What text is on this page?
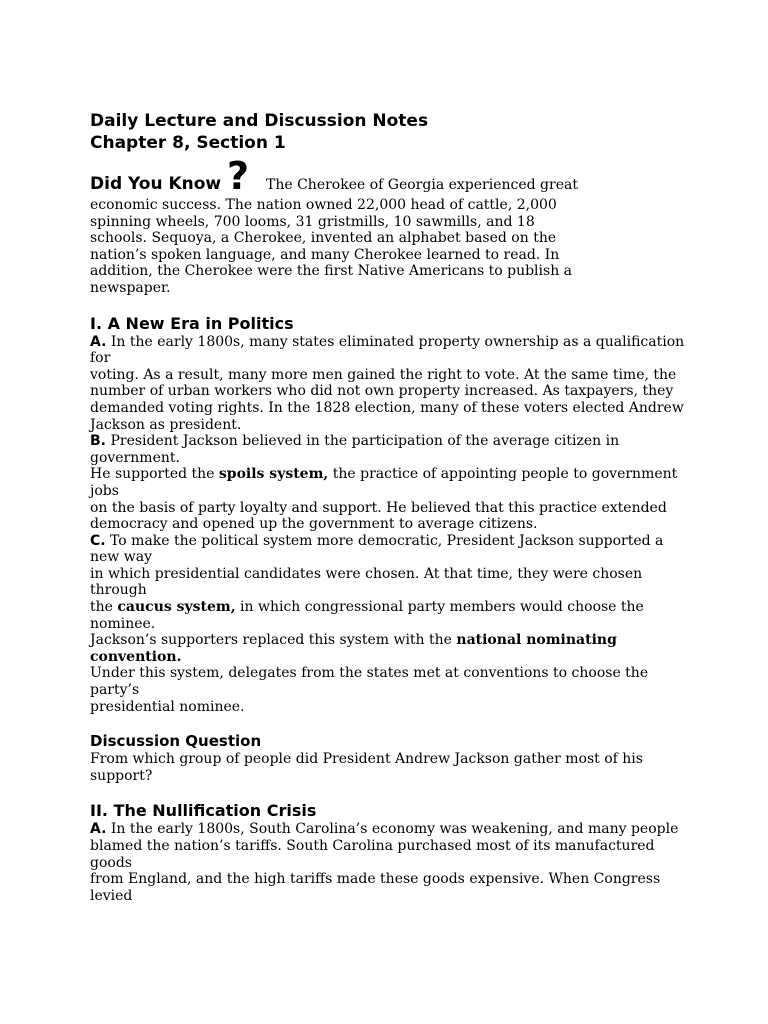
Daily Lecture and Discussion Notes
Chapter 8, Section 1
Did You Know ? The Cherokee of Georgia experienced great
economic success. The nation owned 22,000 head of cattle, 2,000
spinning wheels, 700 looms, 31 gristmills, 10 sawmills, and 18
schools. Sequoya, a Cherokee, invented an alphabet based on the
nation’s spoken language, and many Cherokee learned to read. In
addition, the Cherokee were the first Native Americans to publish a
newspaper.
I. A New Era in Politics
A. In the early 1800s, many states eliminated property ownership as a qualification
for
voting. As a result, many more men gained the right to vote. At the same time, the
number of urban workers who did not own property increased. As taxpayers, they
demanded voting rights. In the 1828 election, many of these voters elected Andrew
Jackson as president.
B. President Jackson believed in the participation of the average citizen in
government.
He supported the spoils system, the practice of appointing people to government
jobs
on the basis of party loyalty and support. He believed that this practice extended
democracy and opened up the government to average citizens.
C. To make the political system more democratic, President Jackson supported a
new way
in which presidential candidates were chosen. At that time, they were chosen
through
the caucus system, in which congressional party members would choose the
nominee.
Jackson’s supporters replaced this system with the national nominating
convention.
Under this system, delegates from the states met at conventions to choose the
party’s
presidential nominee.
Discussion Question
From which group of people did President Andrew Jackson gather most of his
support?
II. The Nullification Crisis
A. In the early 1800s, South Carolina’s economy was weakening, and many people
blamed the nation’s tariffs. South Carolina purchased most of its manufactured
goods
from England, and the high tariffs made these goods expensive. When Congress
levied
